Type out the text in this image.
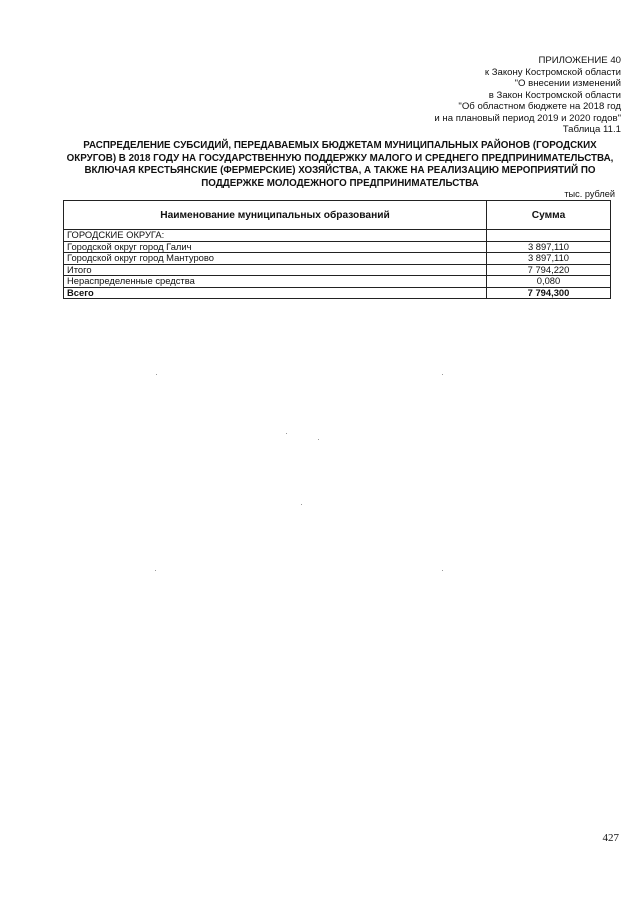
ПРИЛОЖЕНИЕ 40
к Закону Костромской области
"О внесении изменений
в Закон Костромской области
"Об областном бюджете на 2018 год
и на плановый период 2019 и 2020 годов"
Таблица 11.1
РАСПРЕДЕЛЕНИЕ СУБСИДИЙ, ПЕРЕДАВАЕМЫХ БЮДЖЕТАМ МУНИЦИПАЛЬНЫХ РАЙОНОВ (ГОРОДСКИХ
ОКРУГОВ) В 2018 ГОДУ НА ГОСУДАРСТВЕННУЮ ПОДДЕРЖКУ МАЛОГО И СРЕДНЕГО ПРЕДПРИНИМАТЕЛЬСТВА,
ВКЛЮЧАЯ КРЕСТЬЯНСКИЕ (ФЕРМЕРСКИЕ) ХОЗЯЙСТВА, А ТАКЖЕ НА РЕАЛИЗАЦИЮ МЕРОПРИЯТИЙ ПО
ПОДДЕРЖКЕ МОЛОДЕЖНОГО ПРЕДПРИНИМАТЕЛЬСТВА
тыс. рублей
Наименование муниципальных образований	Сумма
ГОРОДСКИЕ ОКРУГА:	
Городской округ город Галич	3 897,110
Городской округ город Мантурово	3 897,110
Итого	7 794,220
Нераспределенные средства	0,080
Всего	7 794,300
427
